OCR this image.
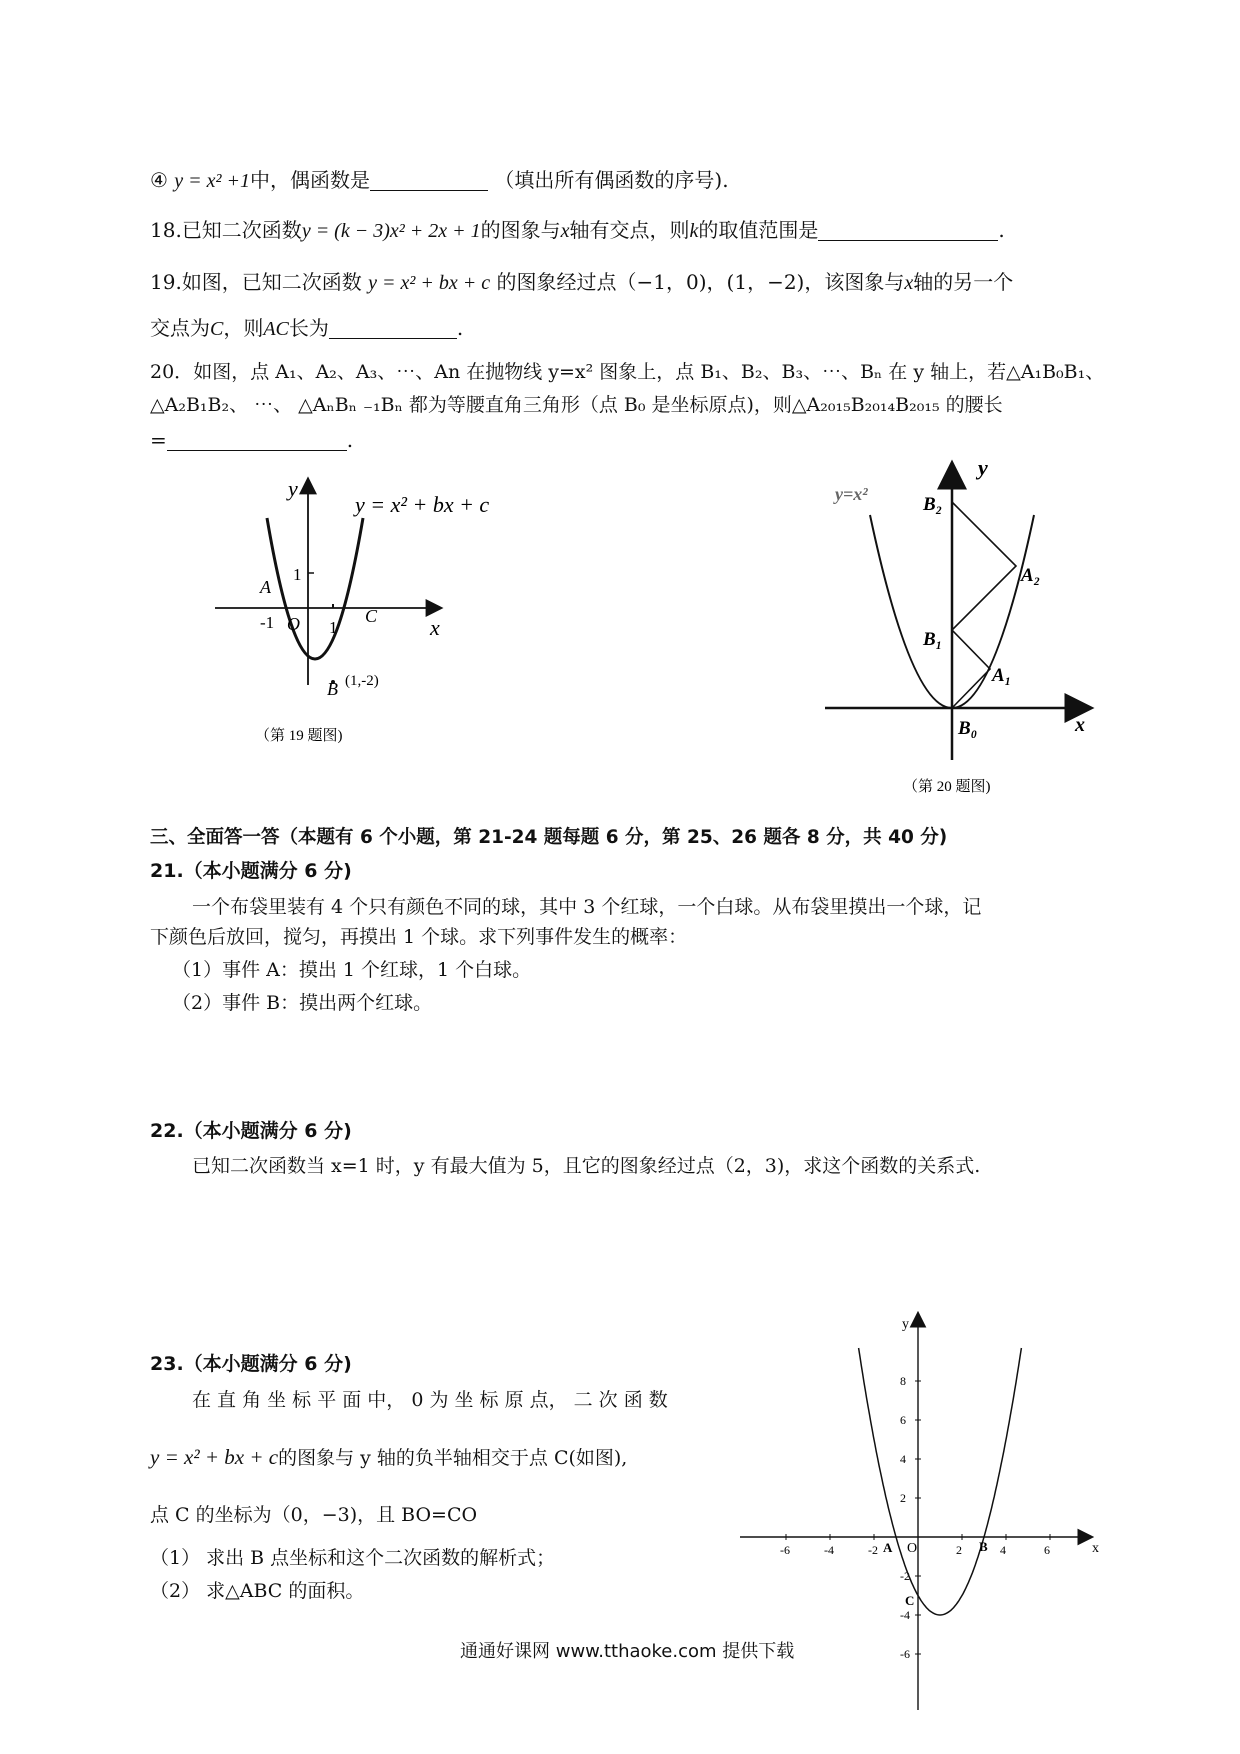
④ y = x² +1中，偶函数是	（填出所有偶函数的序号).
18.已知二次函数y = (k − 3)x² + 2x + 1的图象与x轴有交点，则k的取值范围是	.
19.如图，已知二次函数 y = x² + bx + c 的图象经过点（−1，0)，(1，−2)，该图象与x轴的另一个
交点为C，则AC长为	.
20．如图，点 A₁、A₂、A₃、⋯、An 在抛物线 y=x² 图象上，点 B₁、B₂、B₃、⋯、Bₙ 在 y 轴上，若△A₁B₀B₁、
△A₂B₁B₂、 ⋯、 △AₙBₙ ₋₁Bₙ 都为等腰直角三角形（点 B₀ 是坐标原点)，则△A₂₀₁₅B₂₀₁₄B₂₀₁₅ 的腰长
=	.
y
x
y = x² + bx + c
A
O
B
C
-1	1
1
(1,-2)
（第 19 题图)
y
x
y=x²	B₂
B₁
B₀
A₁
A₂
（第 20 题图)
三、全面答一答（本题有 6 个小题，第 21-24 题每题 6 分，第 25、26 题各 8 分，共 40 分)
21.（本小题满分 6 分)
一个布袋里装有 4 个只有颜色不同的球，其中 3 个红球，一个白球。从布袋里摸出一个球，记
下颜色后放回，搅匀，再摸出 1 个球。求下列事件发生的概率：
（1）事件 A：摸出 1 个红球，1 个白球。
（2）事件 B：摸出两个红球。
22.（本小题满分 6 分)
已知二次函数当 x=1 时，y 有最大值为 5，且它的图象经过点（2，3)，求这个函数的关系式.
23.（本小题满分 6 分)
在 直 角 坐 标 平 面 中， 0 为 坐 标 原 点， 二 次 函 数
y = x² + bx + c的图象与 y 轴的负半轴相交于点 C(如图),
点 C 的坐标为（0，−3)，且 BO=CO
（1） 求出 B 点坐标和这个二次函数的解析式；
（2） 求△ABC 的面积。
-6	-4	-2	2	4	6
8
6
4
2
-2
-4
-6
y
x
A O	B
C
通通好课网 www.tthaoke.com 提供下载
